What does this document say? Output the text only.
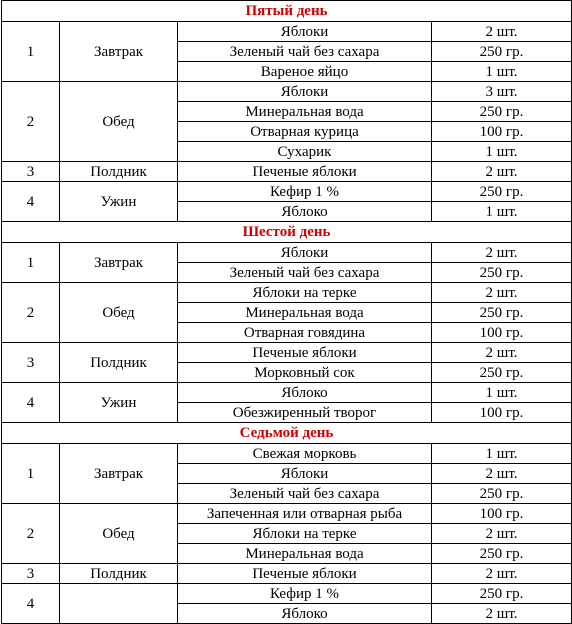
Пятый день			
1	Завтрак	Яблоки	2 шт.
		Зеленый чай без сахара	250 гр.
		Вареное яйцо	1 шт.
2	Обед	Яблоки	3 шт.
		Минеральная вода	250 гр.
		Отварная курица	100 гр.
		Сухарик	1 шт.
3	Полдник	Печеные яблоки	2 шт.
4	Ужин	Кефир 1 %	250 гр.
		Яблоко	1 шт.
Шестой день			
1	Завтрак	Яблоки	2 шт.
		Зеленый чай без сахара	250 гр.
2	Обед	Яблоки на терке	2 шт.
		Минеральная вода	250 гр.
		Отварная говядина	100 гр.
3	Полдник	Печеные яблоки	2 шт.
		Морковный сок	250 гр.
4	Ужин	Яблоко	1 шт.
		Обезжиренный творог	100 гр.
Седьмой день			
1	Завтрак	Свежая морковь	1 шт.
		Яблоки	2 шт.
		Зеленый чай без сахара	250 гр.
2	Обед	Запеченная или отварная рыба	100 гр.
		Яблоки на терке	2 шт.
		Минеральная вода	250 гр.
3	Полдник	Печеные яблоки	2 шт.
4		Кефир 1 %	250 гр.
		Яблоко	2 шт.
